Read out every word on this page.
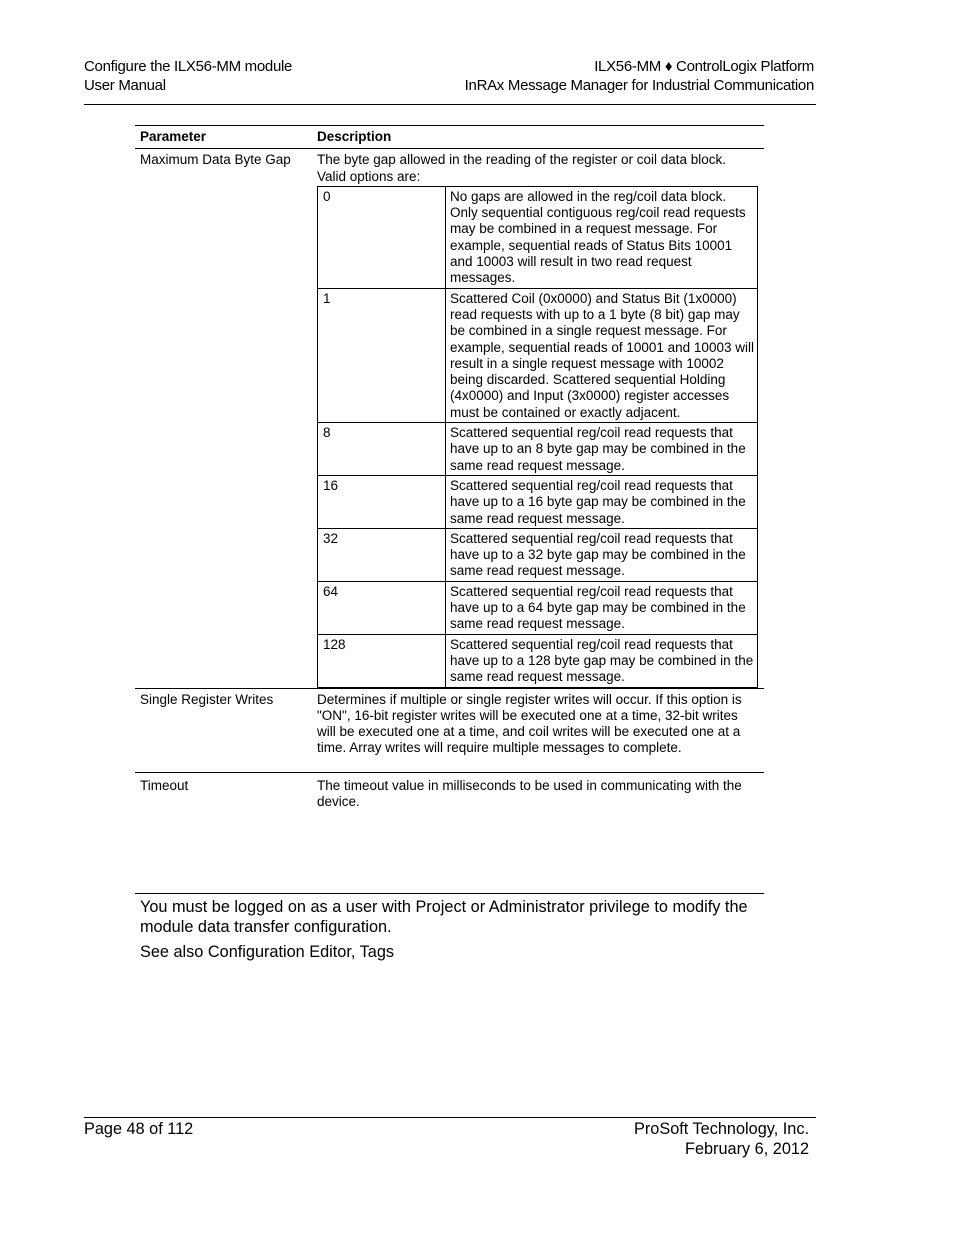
Configure the ILX56-MM module
User Manual
ILX56-MM ♦ ControlLogix Platform
InRAx Message Manager for Industrial Communication
Parameter	Description
Maximum Data Byte Gap	The byte gap allowed in the reading of the register or coil data block. Valid options are:
0	No gaps are allowed in the reg/coil data block. Only sequential contiguous reg/coil read requests may be combined in a request message. For example, sequential reads of Status Bits 10001 and 10003 will result in two read request messages.
1	Scattered Coil (0x0000) and Status Bit (1x0000) read requests with up to a 1 byte (8 bit) gap may be combined in a single request message. For example, sequential reads of 10001 and 10003 will result in a single request message with 10002 being discarded. Scattered sequential Holding (4x0000) and Input (3x0000) register accesses must be contained or exactly adjacent.
8	Scattered sequential reg/coil read requests that have up to an 8 byte gap may be combined in the same read request message.
16	Scattered sequential reg/coil read requests that have up to a 16 byte gap may be combined in the same read request message.
32	Scattered sequential reg/coil read requests that have up to a 32 byte gap may be combined in the same read request message.
64	Scattered sequential reg/coil read requests that have up to a 64 byte gap may be combined in the same read request message.
128	Scattered sequential reg/coil read requests that have up to a 128 byte gap may be combined in the same read request message.

Single Register Writes	Determines if multiple or single register writes will occur. If this option is "ON", 16-bit register writes will be executed one at a time, 32-bit writes will be executed one at a time, and coil writes will be executed one at a time. Array writes will require multiple messages to complete.
Timeout	The timeout value in milliseconds to be used in communicating with the device.
You must be logged on as a user with Project or Administrator privilege to modify the module data transfer configuration.
See also Configuration Editor, Tags
Page 48 of 112	ProSoft Technology, Inc.
February 6, 2012
